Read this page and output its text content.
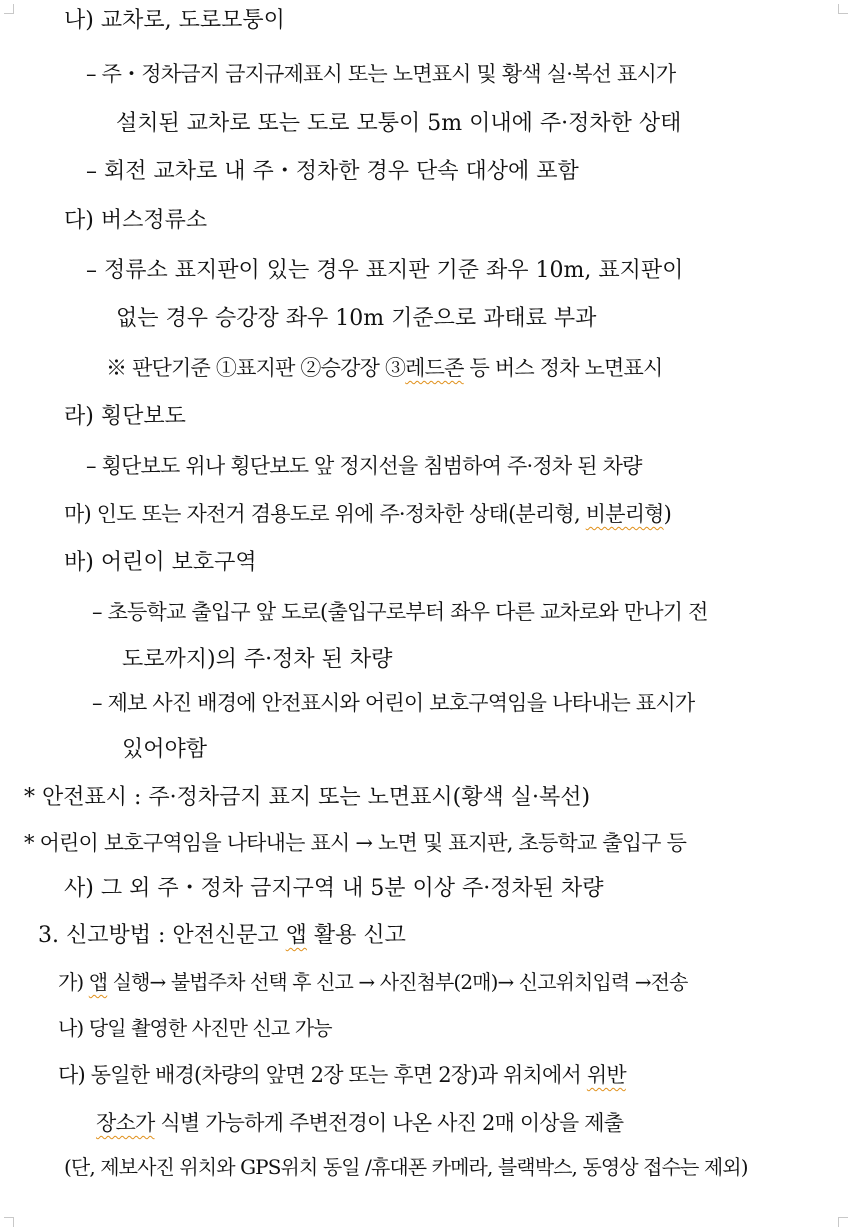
나) 교차로, 도로모퉁이
– 주・정차금지 금지규제표시 또는 노면표시 및 황색 실·복선 표시가
설치된 교차로 또는 도로 모퉁이 5m 이내에 주·정차한 상태
– 회전 교차로 내 주・정차한 경우 단속 대상에 포함
다) 버스정류소
– 정류소 표지판이 있는 경우 표지판 기준 좌우 10m, 표지판이
없는 경우 승강장 좌우 10m 기준으로 과태료 부과
※ 판단기준 ①표지판 ②승강장 ③레드존 등 버스 정차 노면표시
라) 횡단보도
– 횡단보도 위나 횡단보도 앞 정지선을 침범하여 주·정차 된 차량
마) 인도 또는 자전거 겸용도로 위에 주·정차한 상태(분리형, 비분리형)
바) 어린이 보호구역
– 초등학교 출입구 앞 도로(출입구로부터 좌우 다른 교차로와 만나기 전
도로까지)의 주·정차 된 차량
– 제보 사진 배경에 안전표시와 어린이 보호구역임을 나타내는 표시가
있어야함
* 안전표시 : 주·정차금지 표지 또는 노면표시(황색 실·복선)
* 어린이 보호구역임을 나타내는 표시 → 노면 및 표지판, 초등학교 출입구 등
사) 그 외 주・정차 금지구역 내 5분 이상 주·정차된 차량
3. 신고방법 : 안전신문고 앱 활용 신고
가) 앱 실행→ 불법주차 선택 후 신고 → 사진첨부(2매)→ 신고위치입력 →전송
나) 당일 촬영한 사진만 신고 가능
다) 동일한 배경(차량의 앞면 2장 또는 후면 2장)과 위치에서 위반
장소가 식별 가능하게 주변전경이 나온 사진 2매 이상을 제출
(단, 제보사진 위치와 GPS위치 동일 /휴대폰 카메라, 블랙박스, 동영상 접수는 제외)
